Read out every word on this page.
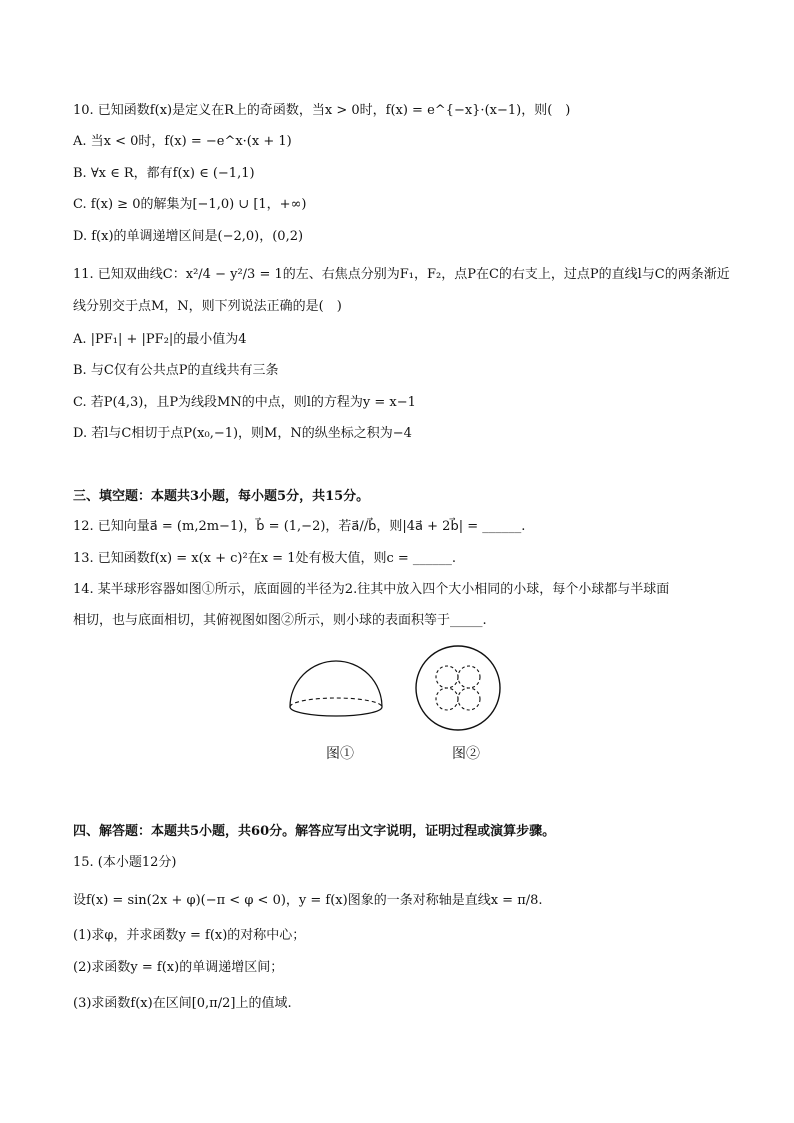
10. 已知函数f(x)是定义在R上的奇函数，当x > 0时，f(x) = e^{−x}·(x−1)，则(　)
A. 当x < 0时，f(x) = −e^x·(x + 1)
B. ∀x ∈ R，都有f(x) ∈ (−1,1)
C. f(x) ≥ 0的解集为[−1,0) ∪ [1，+∞)
D. f(x)的单调递增区间是(−2,0)，(0,2)
11. 已知双曲线C：x²/4 − y²/3 = 1的左、右焦点分别为F₁，F₂，点P在C的右支上，过点P的直线l与C的两条渐近
线分别交于点M，N，则下列说法正确的是(　)
A. |PF₁| + |PF₂|的最小值为4
B. 与C仅有公共点P的直线共有三条
C. 若P(4,3)，且P为线段MN的中点，则l的方程为y = x−1
D. 若l与C相切于点P(x₀,−1)，则M，N的纵坐标之积为−4
三、填空题：本题共3小题，每小题5分，共15分。
12. 已知向量a⃗ = (m,2m−1)，b⃗ = (1,−2)，若a⃗//b⃗，则|4a⃗ + 2b⃗| = ______.
13. 已知函数f(x) = x(x + c)²在x = 1处有极大值，则c = ______.
14. 某半球形容器如图①所示，底面圆的半径为2.往其中放入四个大小相同的小球，每个小球都与半球面
相切，也与底面相切，其俯视图如图②所示，则小球的表面积等于_____.
图①	图②
四、解答题：本题共5小题，共60分。解答应写出文字说明，证明过程或演算步骤。
15. (本小题12分)
设f(x) = sin(2x + φ)(−π < φ < 0)，y = f(x)图象的一条对称轴是直线x = π/8.
(1)求φ，并求函数y = f(x)的对称中心；
(2)求函数y = f(x)的单调递增区间；
(3)求函数f(x)在区间[0,π/2]上的值域.
